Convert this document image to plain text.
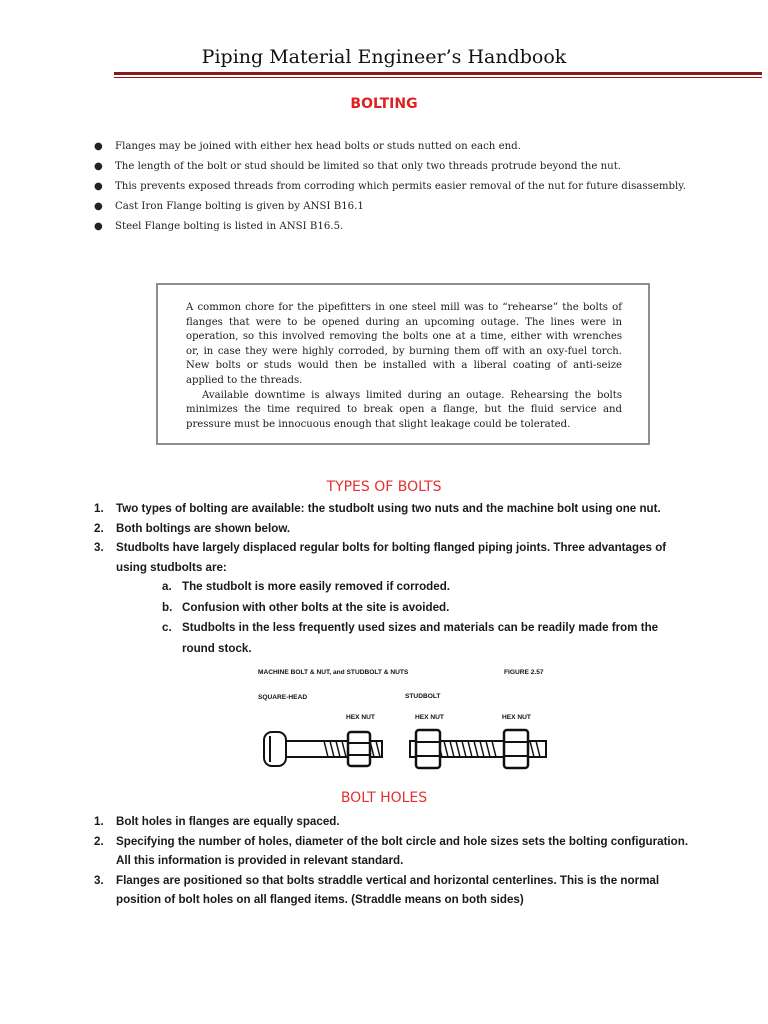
Piping Material Engineer’s Handbook
BOLTING
● Flanges may be joined with either hex head bolts or studs nutted on each end.
● The length of the bolt or stud should be limited so that only two threads protrude beyond the nut.
● This prevents exposed threads from corroding which permits easier removal of the nut for future disassembly.
● Cast Iron Flange bolting is given by ANSI B16.1
● Steel Flange bolting is listed in ANSI B16.5.

A common chore for the pipefitters in one steel mill was to “rehearse” the bolts of flanges that were to be opened during an upcoming outage. The lines were in operation, so this involved removing the bolts one at a time, either with wrenches or, in case they were highly corroded, by burning them off with an oxy-fuel torch. New bolts or studs would then be installed with a liberal coating of anti-seize applied to the threads.

Available downtime is always limited during an outage. Rehearsing the bolts minimizes the time required to break open a flange, but the fluid service and pressure must be innocuous enough that slight leakage could be tolerated.

TYPES OF BOLTS
1. Two types of bolting are available: the studbolt using two nuts and the machine bolt using one nut.
2. Both boltings are shown below.
3. Studbolts have largely displaced regular bolts for bolting flanged piping joints. Three advantages of using studbolts are:
a. The studbolt is more easily removed if corroded.
b. Confusion with other bolts at the site is avoided.
c. Studbolts in the less frequently used sizes and materials can be readily made from the round stock.
MACHINE BOLT & NUT, and STUDBOLT & NUTS	FIGURE 2.57
SQUARE-HEAD	STUDBOLT
HEX NUT	HEX NUT	HEX NUT
BOLT HOLES
1. Bolt holes in flanges are equally spaced.
2. Specifying the number of holes, diameter of the bolt circle and hole sizes sets the bolting configuration. All this information is provided in relevant standard.
3. Flanges are positioned so that bolts straddle vertical and horizontal centerlines. This is the normal position of bolt holes on all flanged items. (Straddle means on both sides)
